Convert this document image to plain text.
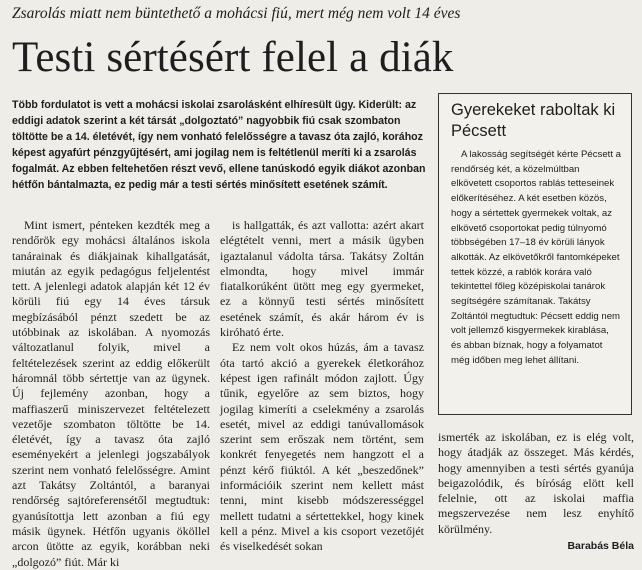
Zsarolás miatt nem büntethető a mohácsi fiú, mert még nem volt 14 éves
Testi sértésért felel a diák

Több fordulatot is vett a mohácsi iskolai zsarolásként elhíresült ügy. Kiderült: az eddigi adatok szerint a két társát „dolgoztató” nagyobbik fiú csak szombaton töltötte be a 14. életévét, így nem vonható felelősségre a tavasz óta zajló, korához képest agyafúrt pénzgyűjtésért, ami jogilag nem is feltétlenül meríti ki a zsarolás fogalmát. Az ebben feltehetően részt vevő, ellene tanúskodó egyik diákot azonban hétfőn bántalmazta, ez pedig már a testi sértés minősített esetének számít.

Mint ismert, pénteken kezdték meg a rendőrök egy mohácsi általános iskola tanárainak és diákjainak kihallgatását, miután az egyik pedagógus feljelentést tett. A jelenlegi adatok alapján két 12 év körüli fiú egy 14 éves társuk megbízásából pénzt szedett be az utóbbinak az iskolában. A nyomozás változatlanul folyik, mivel a feltételezések szerint az eddig előkerült háromnál több sértettje van az ügynek. Új fejlemény azonban, hogy a maffiaszerű miniszervezet feltételezett vezetője szombaton töltötte be 14. életévét, így a tavasz óta zajló eseményekért a jelenlegi jogszabályok szerint nem vonható felelősségre. Amint azt Takátsy Zoltántól, a baranyai rendőrség sajtóreferensétől megtudtuk: gyanúsítottja lett azonban a fiú egy másik ügynek. Hétfőn ugyanis ököllel arcon ütötte az egyik, korábban neki „dolgozó” fiút. Már ki

is hallgatták, és azt vallotta: azért akart elégtételt venni, mert a másik ügyben igaztalanul vádolta társa. Takátsy Zoltán elmondta, hogy mivel immár fiatalkorúként ütött meg egy gyermeket, ez a könnyű testi sértés minősített esetének számít, és akár három év is kiróható érte.

Ez nem volt okos húzás, ám a tavasz óta tartó akció a gyerekek életkorához képest igen rafinált módon zajlott. Úgy tűnik, egyelőre az sem biztos, hogy jogilag kimeríti a cselekmény a zsarolás esetét, mivel az eddigi tanúvallomások szerint sem erőszak nem történt, sem konkrét fenyegetés nem hangzott el a pénzt kérő fiúktól. A két „beszedőnek” információik szerint nem kellett mást tenni, mint kisebb módszerességgel mellett tudatni a sértettekkel, hogy kinek kell a pénz. Mivel a kis csoport vezetőjét és viselkedését sokan

Gyerekeket raboltak ki Pécsett

A lakosság segítségét kérte Pécsett a rendőrség két, a közelmúltban elkövetett csoportos rablás tetteseinek előkerítéséhez. A két esetben közös, hogy a sértettek gyermekek voltak, az elkövető csoportokat pedig túlnyomó többségében 17–18 év körüli lányok alkották. Az elkövetőkről fantomképeket tettek közzé, a rablók korára való tekintettel főleg középiskolai tanárok segítségére számítanak. Takátsy Zoltántól megtudtuk: Pécsett eddig nem volt jellemző kisgyermekek kirablása, és abban bíznak, hogy a folyamatot még időben meg lehet állítani.

ismerték az iskolában, ez is elég volt, hogy átadják az összeget. Más kérdés, hogy amennyiben a testi sértés gyanúja beigazolódik, és bíróság elött kell felelnie, ott az iskolai maffia megszervezése nem lesz enyhítő körülmény.

Barabás Béla
